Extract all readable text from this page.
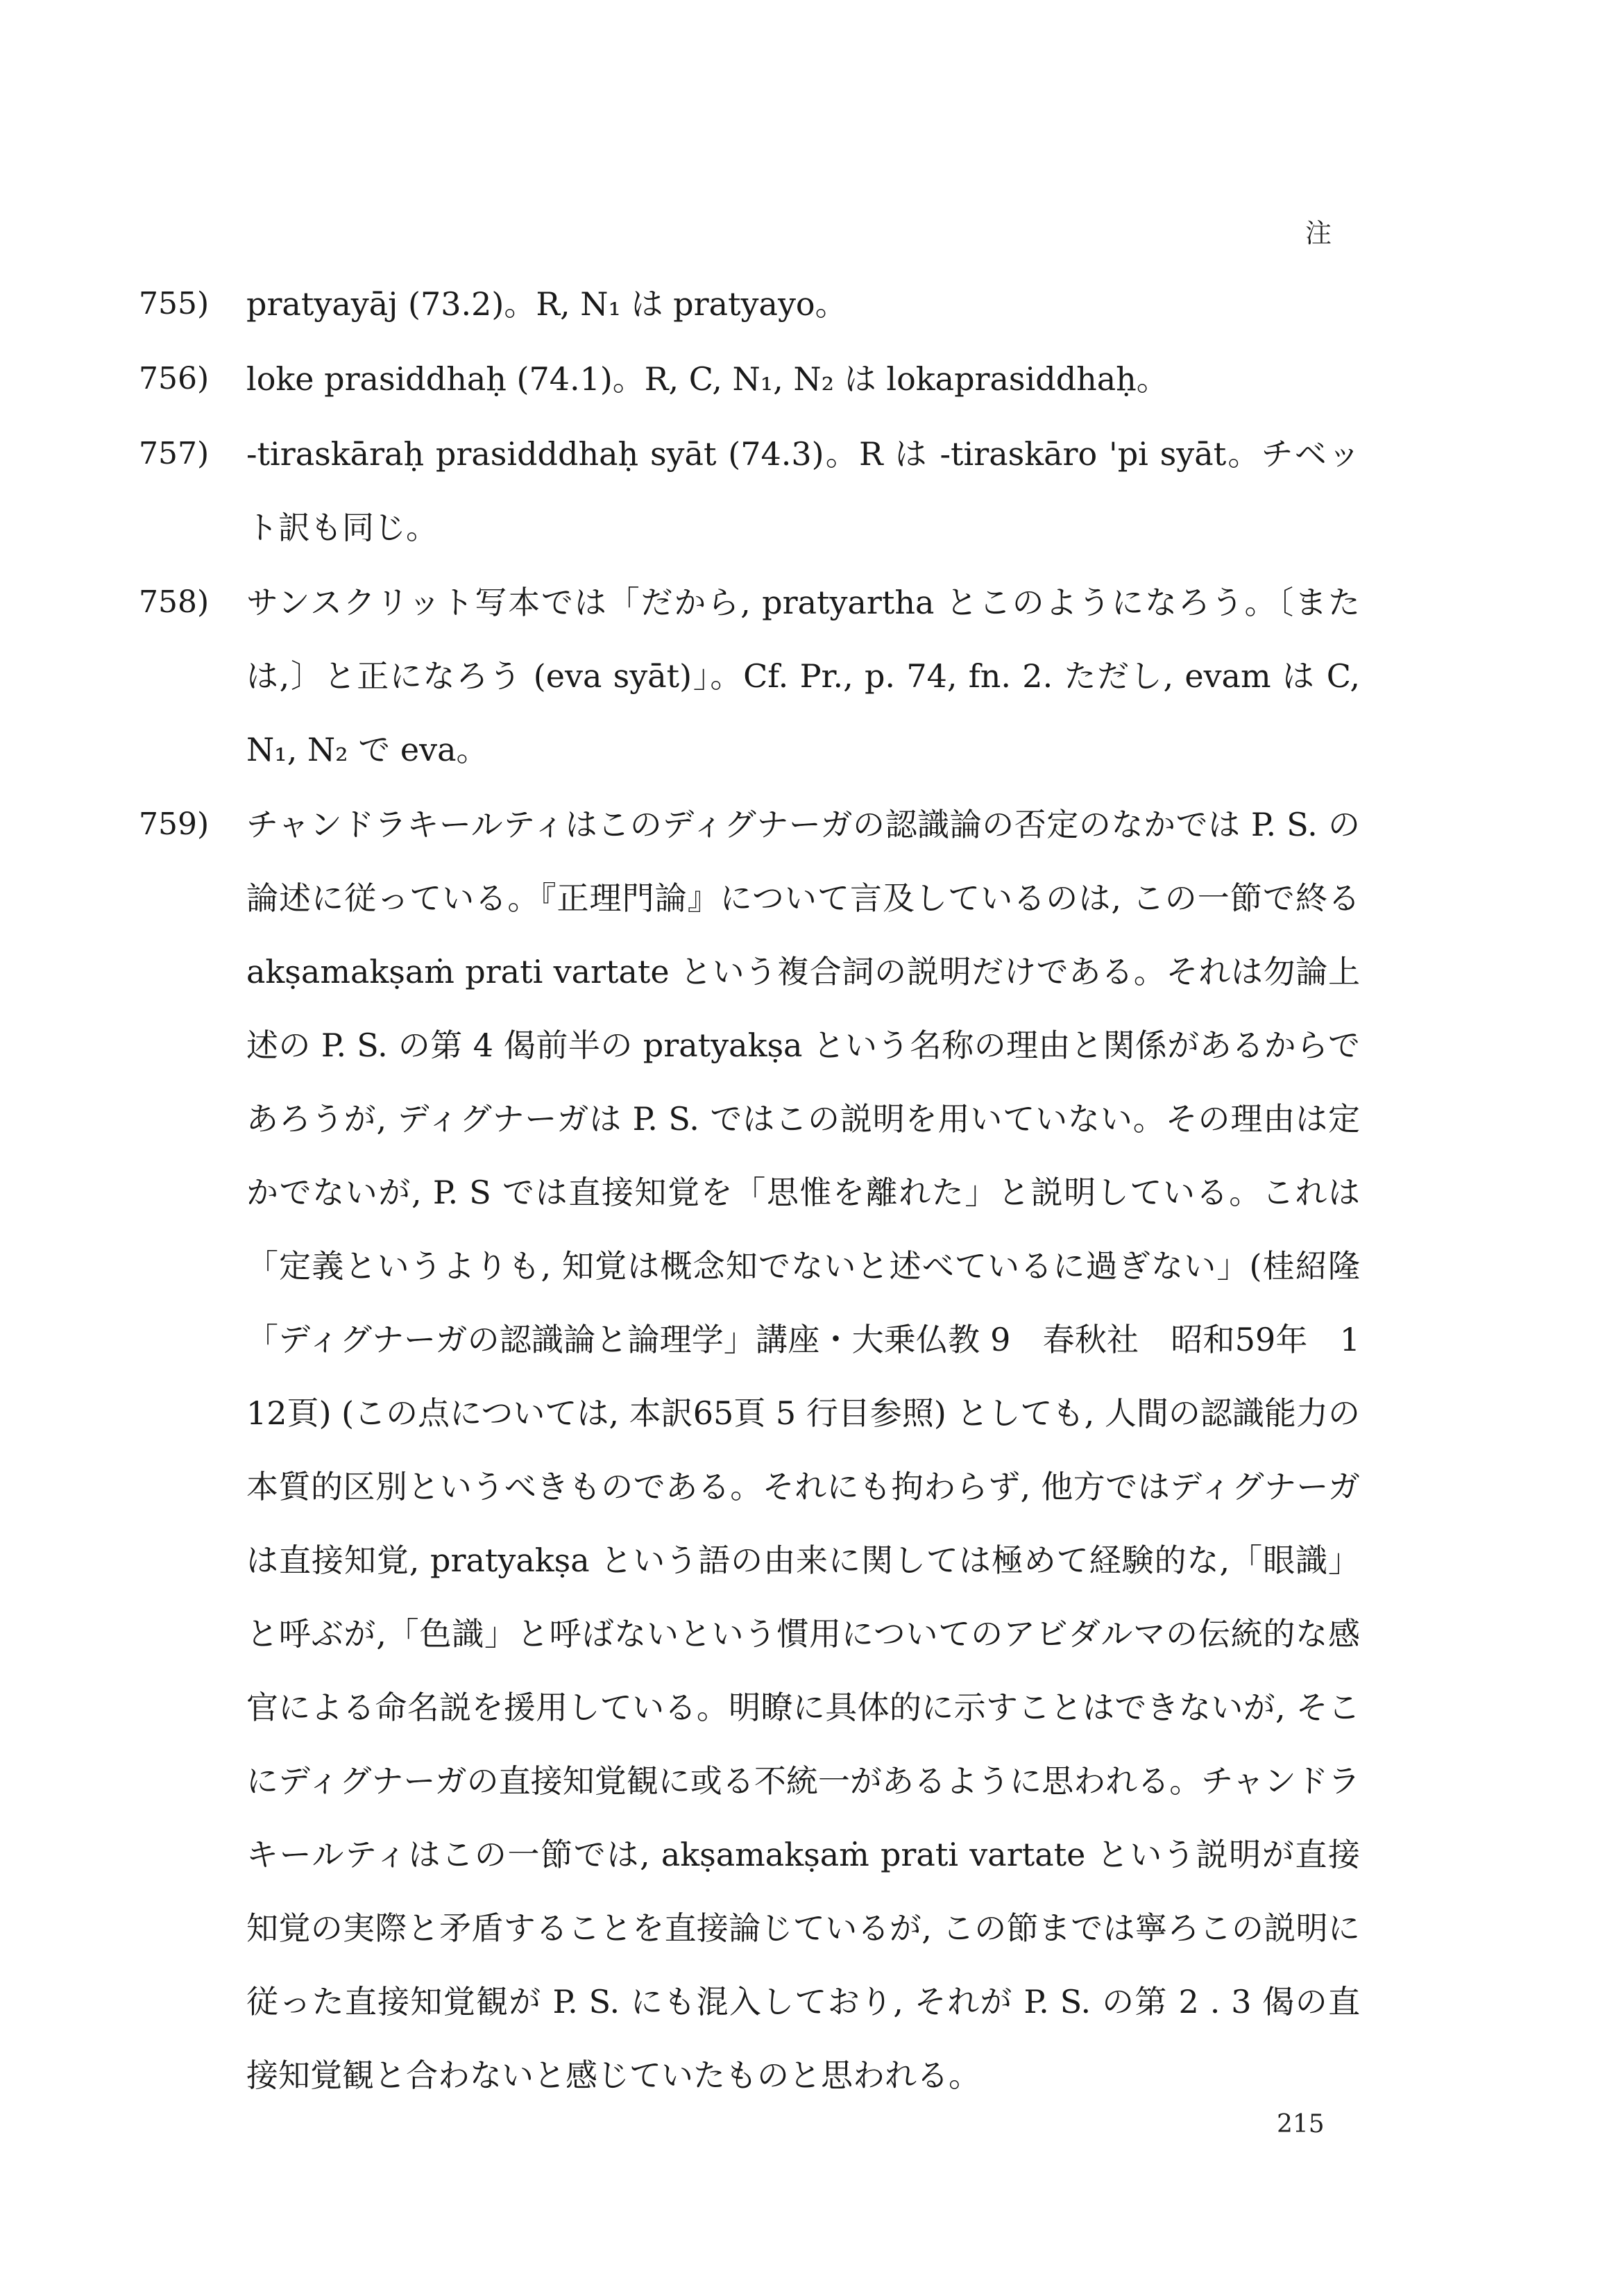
注
755)	pratyayāj (73.2)。R, N₁ は pratyayo。
756)	loke prasiddhaḥ (74.1)。R, C, N₁, N₂ は lokaprasiddhaḥ。
757)	-tiraskāraḥ prasidddhaḥ syāt (74.3)。R は -tiraskāro 'pi syāt。チベット訳も同じ。
758)	サンスクリット写本では「だから, pratyartha とこのようになろう。〔または,〕と正になろう (eva syāt)」。Cf. Pr., p. 74, fn. 2. ただし, evam は C, N₁, N₂ で eva。
759)	チャンドラキールティはこのディグナーガの認識論の否定のなかでは P. S. の論述に従っている。『正理門論』について言及しているのは, この一節で終る akṣamakṣaṁ prati vartate という複合詞の説明だけである。それは勿論上述の P. S. の第 4 偈前半の pratyakṣa という名称の理由と関係があるからであろうが, ディグナーガは P. S. ではこの説明を用いていない。その理由は定かでないが, P. S では直接知覚を「思惟を離れた」と説明している。これは「定義というよりも, 知覚は概念知でないと述べているに過ぎない」(桂紹隆「ディグナーガの認識論と論理学」講座・大乗仏教 9　春秋社　昭和59年　112頁) (この点については, 本訳65頁 5 行目参照) としても, 人間の認識能力の本質的区別というべきものである。それにも拘わらず, 他方ではディグナーガは直接知覚, pratyakṣa という語の由来に関しては極めて経験的な,「眼識」と呼ぶが,「色識」と呼ばないという慣用についてのアビダルマの伝統的な感官による命名説を援用している。明瞭に具体的に示すことはできないが, そこにディグナーガの直接知覚観に或る不統一があるように思われる。チャンドラキールティはこの一節では, akṣamakṣaṁ prati vartate という説明が直接知覚の実際と矛盾することを直接論じているが, この節までは寧ろこの説明に従った直接知覚観が P. S. にも混入しており, それが P. S. の第 2 . 3 偈の直接知覚観と合わないと感じていたものと思われる。
215
